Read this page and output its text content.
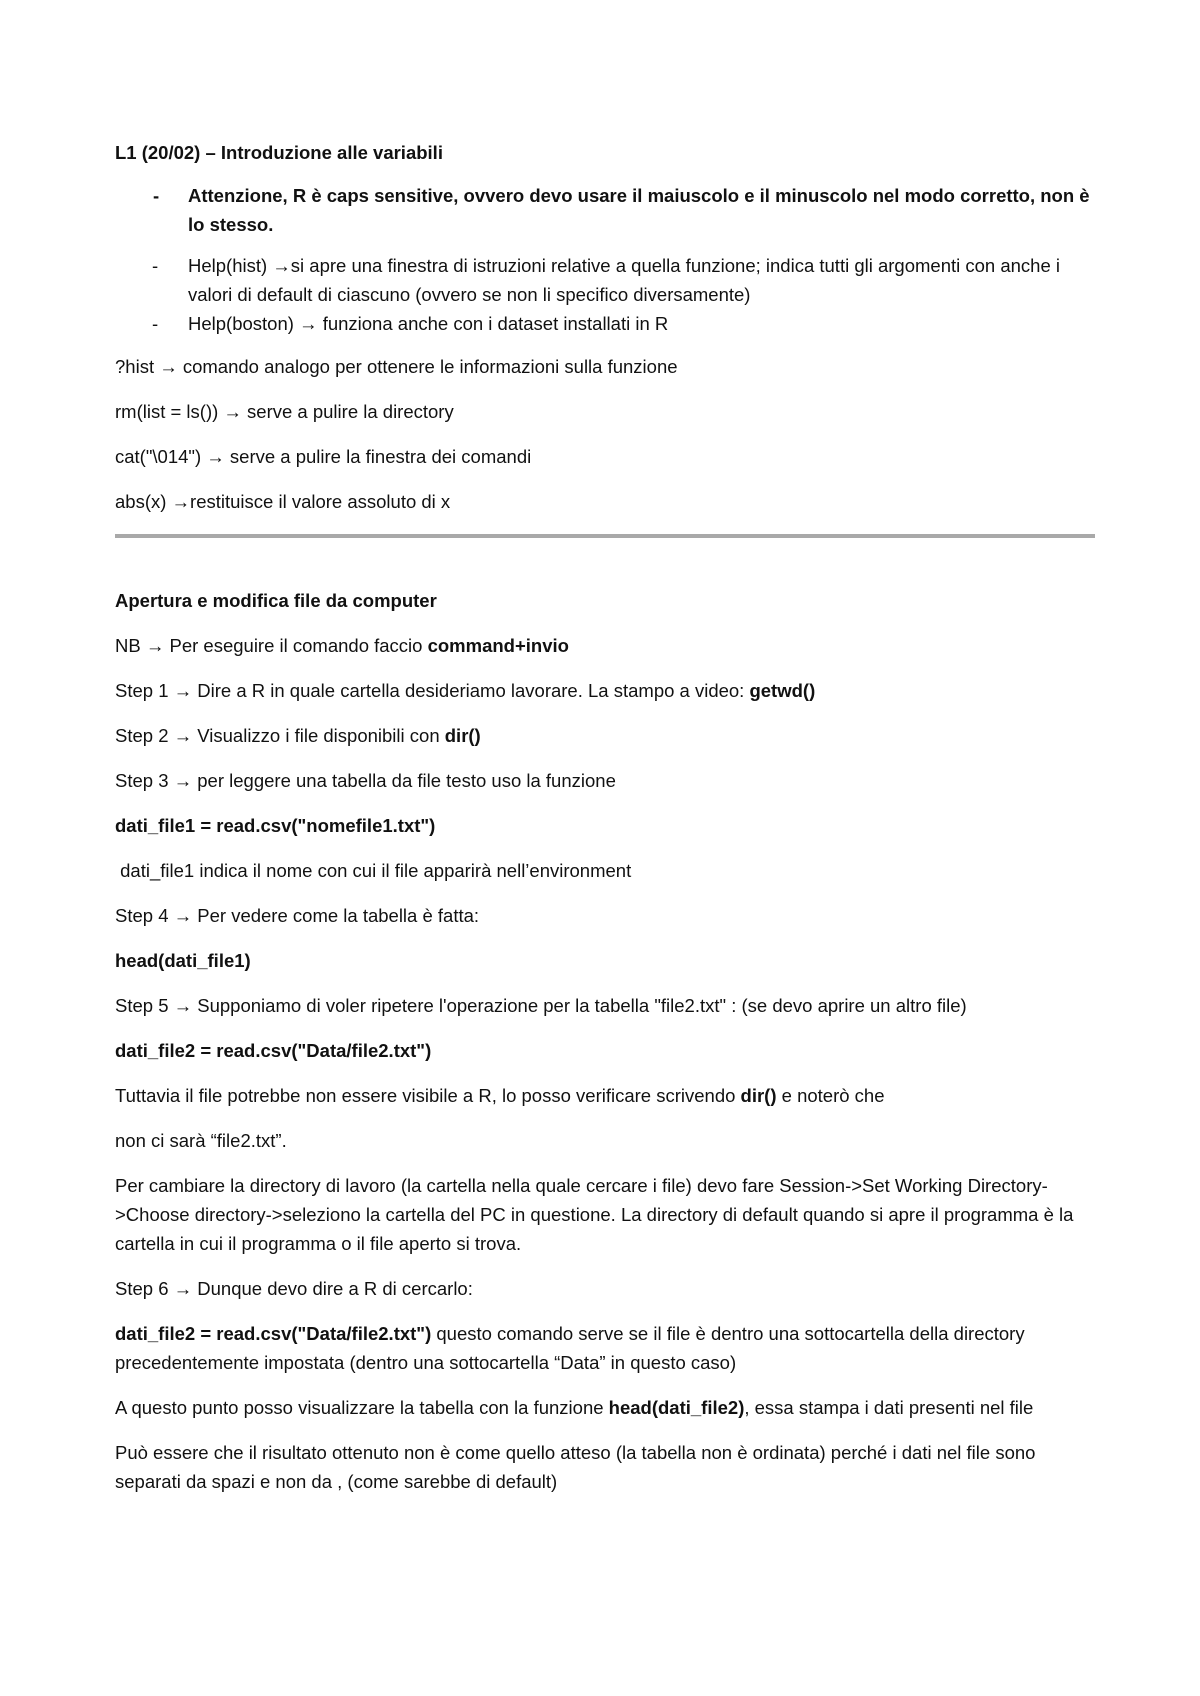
L1 (20/02) – Introduzione alle variabili
- Attenzione, R è caps sensitive, ovvero devo usare il maiuscolo e il minuscolo nel modo corretto, non è lo stesso.
- Help(hist) →si apre una finestra di istruzioni relative a quella funzione; indica tutti gli argomenti con anche i valori di default di ciascuno (ovvero se non li specifico diversamente)
- Help(boston) → funziona anche con i dataset installati in R

?hist → comando analogo per ottenere le informazioni sulla funzione

rm(list = ls()) → serve a pulire la directory

cat("\014") → serve a pulire la finestra dei comandi

abs(x) →restituisce il valore assoluto di x

Apertura e modifica file da computer

NB → Per eseguire il comando faccio command+invio

Step 1 → Dire a R in quale cartella desideriamo lavorare. La stampo a video: getwd()

Step 2 → Visualizzo i file disponibili con dir()

Step 3 → per leggere una tabella da file testo uso la funzione

dati_file1 = read.csv("nomefile1.txt")

dati_file1 indica il nome con cui il file apparirà nell’environment

Step 4 → Per vedere come la tabella è fatta:

head(dati_file1)

Step 5 → Supponiamo di voler ripetere l'operazione per la tabella "file2.txt" : (se devo aprire un altro file)

dati_file2 = read.csv("Data/file2.txt")

Tuttavia il file potrebbe non essere visibile a R, lo posso verificare scrivendo dir() e noterò che

non ci sarà “file2.txt”.

Per cambiare la directory di lavoro (la cartella nella quale cercare i file) devo fare Session->Set Working Directory->Choose directory->seleziono la cartella del PC in questione. La directory di default quando si apre il programma è la cartella in cui il programma o il file aperto si trova.

Step 6 → Dunque devo dire a R di cercarlo:

dati_file2 = read.csv("Data/file2.txt") questo comando serve se il file è dentro una sottocartella della directory precedentemente impostata (dentro una sottocartella “Data” in questo caso)

A questo punto posso visualizzare la tabella con la funzione head(dati_file2), essa stampa i dati presenti nel file

Può essere che il risultato ottenuto non è come quello atteso (la tabella non è ordinata) perché i dati nel file sono separati da spazi e non da , (come sarebbe di default)
